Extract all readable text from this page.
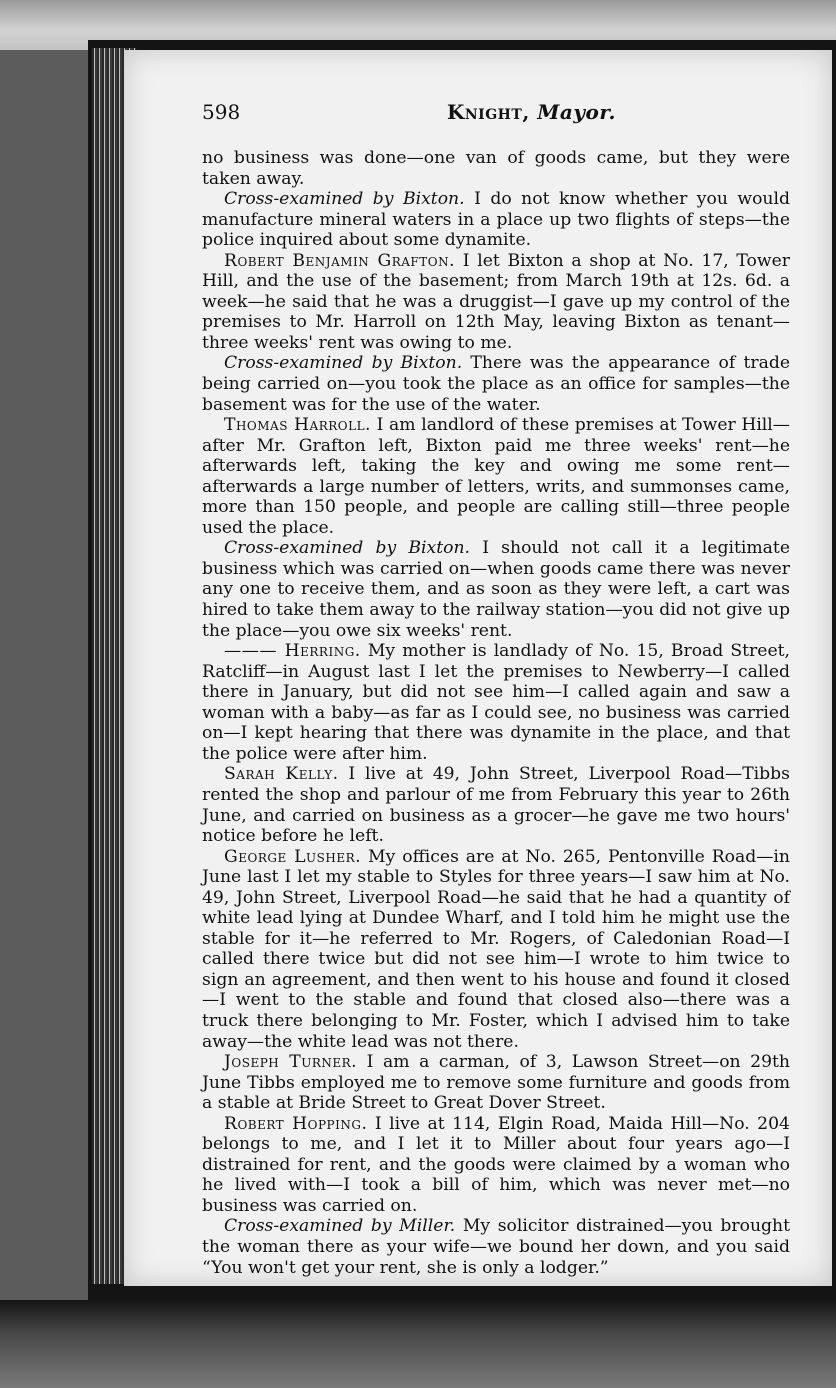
598	Knight, Mayor.

no business was done—one van of goods came, but they were taken away.

Cross-examined by Bixton. I do not know whether you would manufacture mineral waters in a place up two flights of steps—the police inquired about some dynamite.

Robert Benjamin Grafton. I let Bixton a shop at No. 17, Tower Hill, and the use of the basement; from March 19th at 12s. 6d. a week—he said that he was a druggist—I gave up my control of the premises to Mr. Harroll on 12th May, leaving Bixton as tenant—three weeks' rent was owing to me.

Cross-examined by Bixton. There was the appearance of trade being carried on—you took the place as an office for samples—the basement was for the use of the water.

Thomas Harroll. I am landlord of these premises at Tower Hill—after Mr. Grafton left, Bixton paid me three weeks' rent—he afterwards left, taking the key and owing me some rent—afterwards a large number of letters, writs, and summonses came, more than 150 people, and people are calling still—three people used the place.

Cross-examined by Bixton. I should not call it a legitimate business which was carried on—when goods came there was never any one to receive them, and as soon as they were left, a cart was hired to take them away to the railway station—you did not give up the place—you owe six weeks' rent.

——— Herring. My mother is landlady of No. 15, Broad Street, Ratcliff—in August last I let the premises to Newberry—I called there in January, but did not see him—I called again and saw a woman with a baby—as far as I could see, no business was carried on—I kept hearing that there was dynamite in the place, and that the police were after him.

Sarah Kelly. I live at 49, John Street, Liverpool Road—Tibbs rented the shop and parlour of me from February this year to 26th June, and carried on business as a grocer—he gave me two hours' notice before he left.

George Lusher. My offices are at No. 265, Pentonville Road—in June last I let my stable to Styles for three years—I saw him at No. 49, John Street, Liverpool Road—he said that he had a quantity of white lead lying at Dundee Wharf, and I told him he might use the stable for it—he referred to Mr. Rogers, of Caledonian Road—I called there twice but did not see him—I wrote to him twice to sign an agreement, and then went to his house and found it closed—I went to the stable and found that closed also—there was a truck there belonging to Mr. Foster, which I advised him to take away—the white lead was not there.

Joseph Turner. I am a carman, of 3, Lawson Street—on 29th June Tibbs employed me to remove some furniture and goods from a stable at Bride Street to Great Dover Street.

Robert Hopping. I live at 114, Elgin Road, Maida Hill—No. 204 belongs to me, and I let it to Miller about four years ago—I distrained for rent, and the goods were claimed by a woman who he lived with—I took a bill of him, which was never met—no business was carried on.

Cross-examined by Miller. My solicitor distrained—you brought the woman there as your wife—we bound her down, and you said “You won't get your rent, she is only a lodger.”
